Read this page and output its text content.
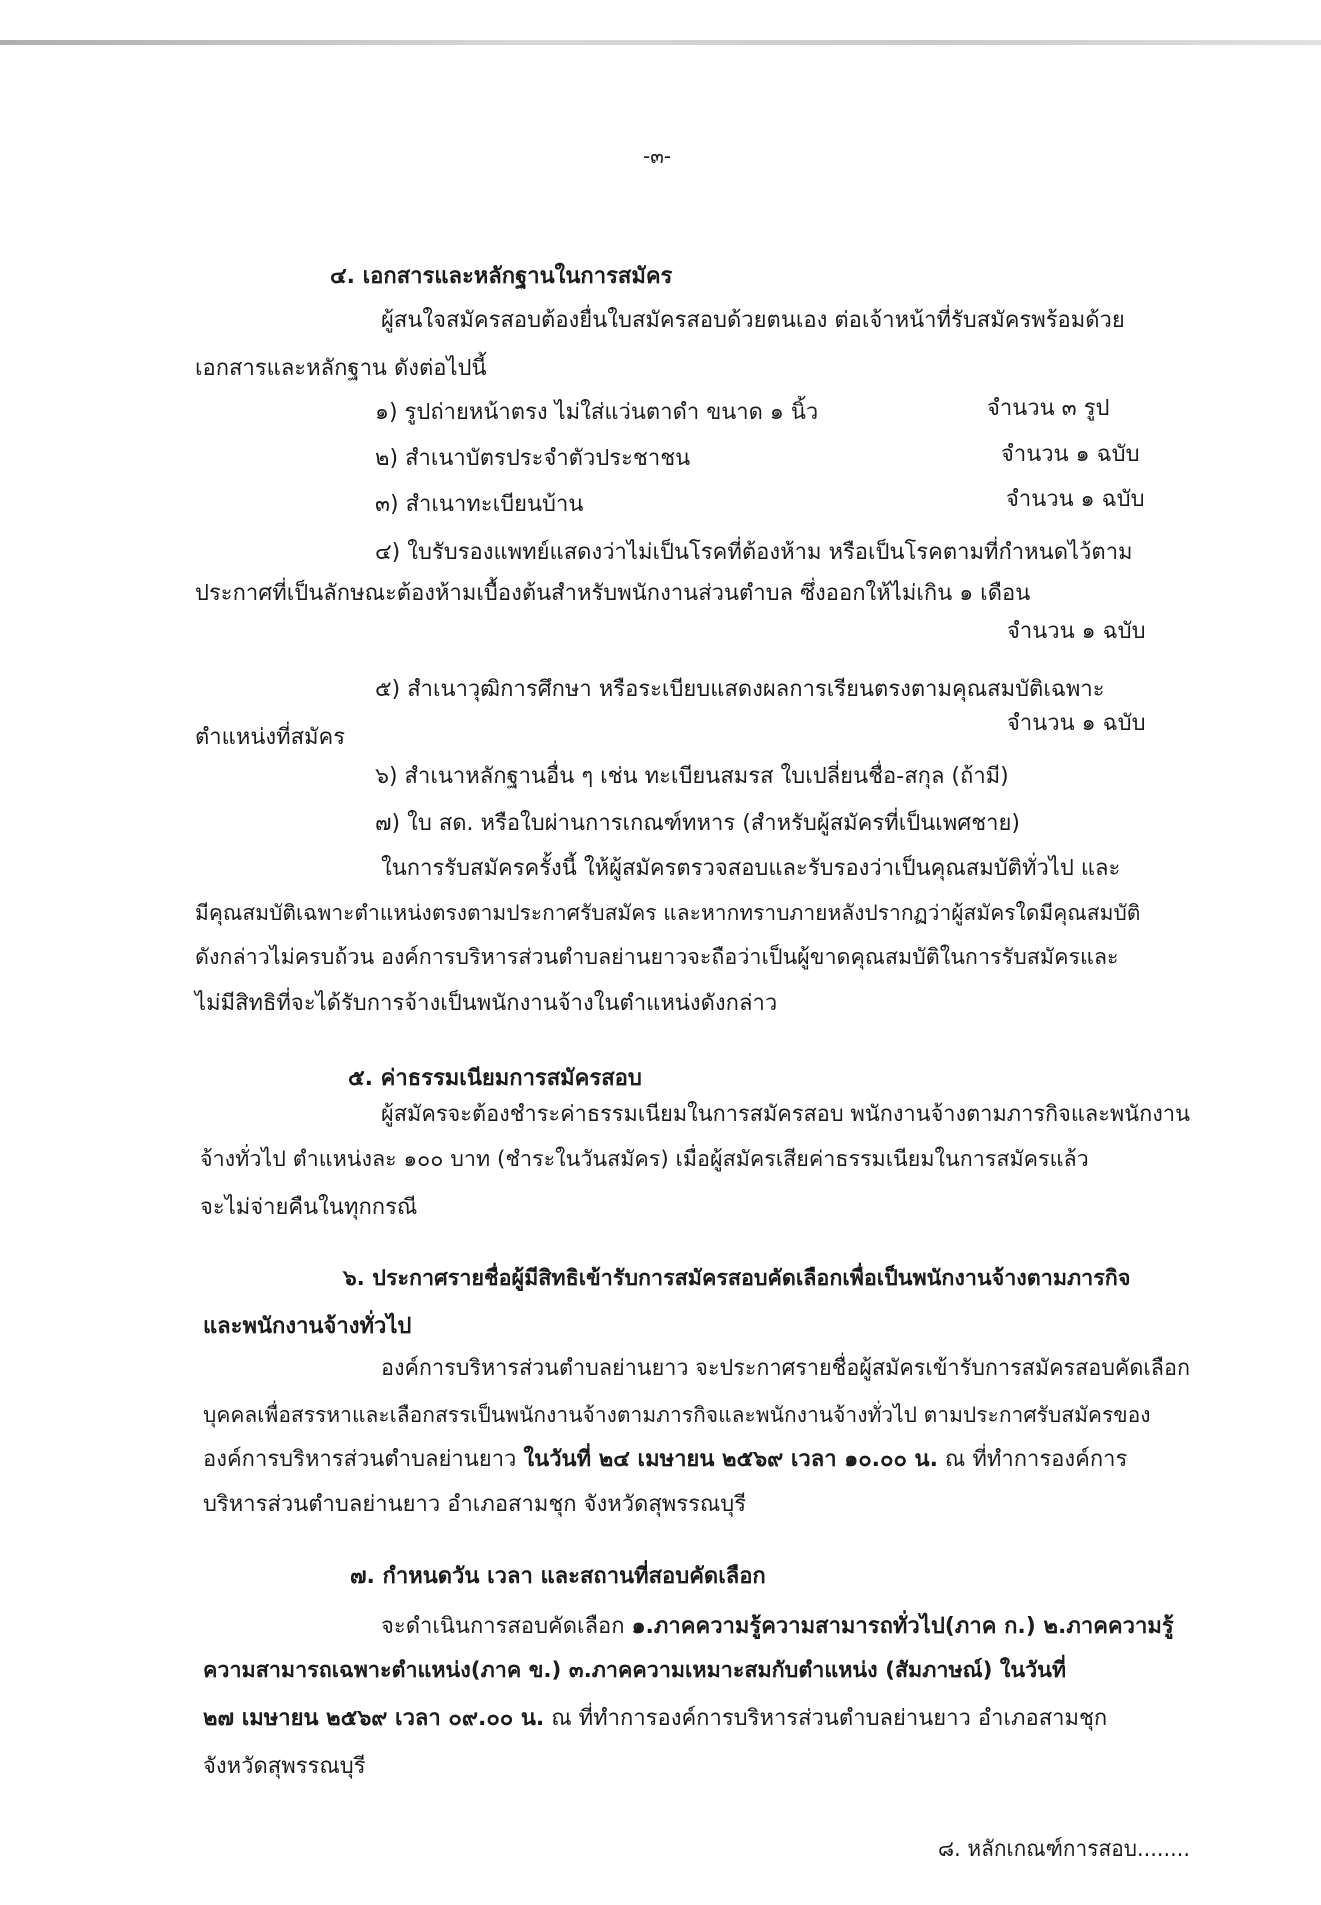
-๓-
๔. เอกสารและหลักฐานในการสมัคร
ผู้สนใจสมัครสอบต้องยื่นใบสมัครสอบด้วยตนเอง ต่อเจ้าหน้าที่รับสมัครพร้อมด้วย
เอกสารและหลักฐาน ดังต่อไปนี้
๑) รูปถ่ายหน้าตรง ไม่ใส่แว่นตาดำ ขนาด ๑ นิ้ว	จำนวน ๓ รูป
๒) สำเนาบัตรประจำตัวประชาชน	จำนวน ๑ ฉบับ
๓) สำเนาทะเบียนบ้าน	จำนวน ๑ ฉบับ
๔) ใบรับรองแพทย์แสดงว่าไม่เป็นโรคที่ต้องห้าม หรือเป็นโรคตามที่กำหนดไว้ตาม
ประกาศที่เป็นลักษณะต้องห้ามเบื้องต้นสำหรับพนักงานส่วนตำบล ซึ่งออกให้ไม่เกิน ๑ เดือน
จำนวน ๑ ฉบับ
๕) สำเนาวุฒิการศึกษา หรือระเบียบแสดงผลการเรียนตรงตามคุณสมบัติเฉพาะ
ตำแหน่งที่สมัคร
จำนวน ๑ ฉบับ
๖) สำเนาหลักฐานอื่น ๆ เช่น ทะเบียนสมรส ใบเปลี่ยนชื่อ-สกุล (ถ้ามี)
๗) ใบ สด. หรือใบผ่านการเกณฑ์ทหาร (สำหรับผู้สมัครที่เป็นเพศชาย)
ในการรับสมัครครั้งนี้ ให้ผู้สมัครตรวจสอบและรับรองว่าเป็นคุณสมบัติทั่วไป และ
มีคุณสมบัติเฉพาะตำแหน่งตรงตามประกาศรับสมัคร และหากทราบภายหลังปรากฏว่าผู้สมัครใดมีคุณสมบัติ
ดังกล่าวไม่ครบถ้วน องค์การบริหารส่วนตำบลย่านยาวจะถือว่าเป็นผู้ขาดคุณสมบัติในการรับสมัครและ
ไม่มีสิทธิที่จะได้รับการจ้างเป็นพนักงานจ้างในตำแหน่งดังกล่าว
๕. ค่าธรรมเนียมการสมัครสอบ
ผู้สมัครจะต้องชำระค่าธรรมเนียมในการสมัครสอบ พนักงานจ้างตามภารกิจและพนักงาน
จ้างทั่วไป ตำแหน่งละ ๑๐๐ บาท (ชำระในวันสมัคร) เมื่อผู้สมัครเสียค่าธรรมเนียมในการสมัครแล้ว
จะไม่จ่ายคืนในทุกกรณี
๖. ประกาศรายชื่อผู้มีสิทธิเข้ารับการสมัครสอบคัดเลือกเพื่อเป็นพนักงานจ้างตามภารกิจ
และพนักงานจ้างทั่วไป
องค์การบริหารส่วนตำบลย่านยาว จะประกาศรายชื่อผู้สมัครเข้ารับการสมัครสอบคัดเลือก
บุคคลเพื่อสรรหาและเลือกสรรเป็นพนักงานจ้างตามภารกิจและพนักงานจ้างทั่วไป ตามประกาศรับสมัครของ
องค์การบริหารส่วนตำบลย่านยาว ในวันที่ ๒๔ เมษายน ๒๕๖๙ เวลา ๑๐.๐๐ น. ณ ที่ทำการองค์การ
บริหารส่วนตำบลย่านยาว อำเภอสามชุก จังหวัดสุพรรณบุรี
๗. กำหนดวัน เวลา และสถานที่สอบคัดเลือก
จะดำเนินการสอบคัดเลือก ๑.ภาคความรู้ความสามารถทั่วไป(ภาค ก.) ๒.ภาคความรู้
ความสามารถเฉพาะตำแหน่ง(ภาค ข.) ๓.ภาคความเหมาะสมกับตำแหน่ง (สัมภาษณ์) ในวันที่
๒๗ เมษายน ๒๕๖๙ เวลา ๐๙.๐๐ น. ณ ที่ทำการองค์การบริหารส่วนตำบลย่านยาว อำเภอสามชุก
จังหวัดสุพรรณบุรี
๘. หลักเกณฑ์การสอบ........
